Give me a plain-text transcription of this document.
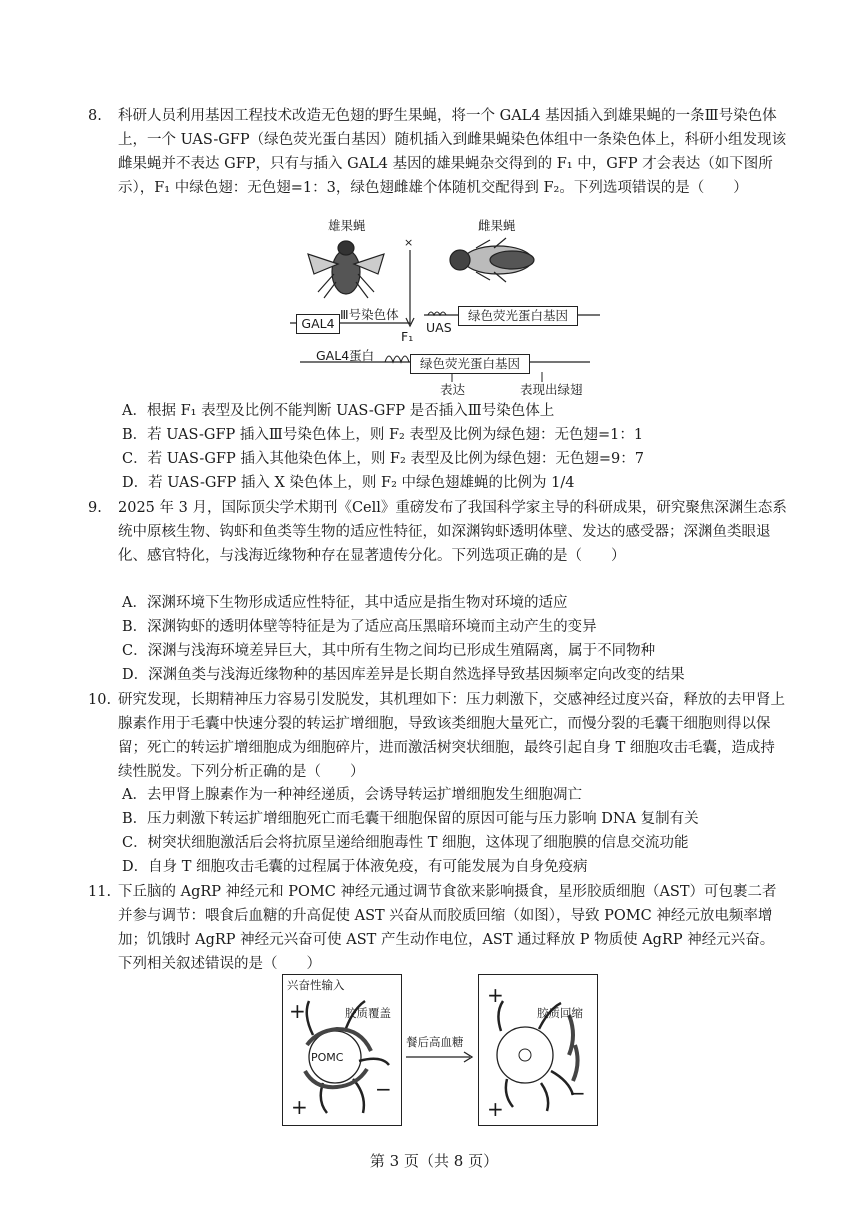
8.	科研人员利用基因工程技术改造无色翅的野生果蝇，将一个 GAL4 基因插入到雄果蝇的一条Ⅲ号染色体上，一个 UAS-GFP（绿色荧光蛋白基因）随机插入到雌果蝇染色体组中一条染色体上，科研小组发现该雌果蝇并不表达 GFP，只有与插入 GAL4 基因的雄果蝇杂交得到的 F₁ 中，GFP 才会表达（如下图所示），F₁ 中绿色翅：无色翅=1：3，绿色翅雌雄个体随机交配得到 F₂。下列选项错误的是（　　）
雄果蝇	雌果蝇
×
GAL4
Ⅲ号染色体
F₁
UAS
绿色荧光蛋白基因
GAL4蛋白
绿色荧光蛋白基因
表达	表现出绿翅
A．根据 F₁ 表型及比例不能判断 UAS-GFP 是否插入Ⅲ号染色体上
B．若 UAS-GFP 插入Ⅲ号染色体上，则 F₂ 表型及比例为绿色翅：无色翅=1：1
C．若 UAS-GFP 插入其他染色体上，则 F₂ 表型及比例为绿色翅：无色翅=9：7
D．若 UAS-GFP 插入 X 染色体上，则 F₂ 中绿色翅雄蝇的比例为 1/4
9.	2025 年 3 月，国际顶尖学术期刊《Cell》重磅发布了我国科学家主导的科研成果，研究聚焦深渊生态系统中原核生物、钩虾和鱼类等生物的适应性特征，如深渊钩虾透明体壁、发达的感受器；深渊鱼类眼退化、感官特化，与浅海近缘物种存在显著遗传分化。下列选项正确的是（　　）
A．深渊环境下生物形成适应性特征，其中适应是指生物对环境的适应
B．深渊钩虾的透明体壁等特征是为了适应高压黑暗环境而主动产生的变异
C．深渊与浅海环境差异巨大，其中所有生物之间均已形成生殖隔离，属于不同物种
D．深渊鱼类与浅海近缘物种的基因库差异是长期自然选择导致基因频率定向改变的结果
10. 研究发现，长期精神压力容易引发脱发，其机理如下：压力刺激下，交感神经过度兴奋，释放的去甲肾上腺素作用于毛囊中快速分裂的转运扩增细胞，导致该类细胞大量死亡，而慢分裂的毛囊干细胞则得以保留；死亡的转运扩增细胞成为细胞碎片，进而激活树突状细胞，最终引起自身 T 细胞攻击毛囊，造成持续性脱发。下列分析正确的是（　　）
A．去甲肾上腺素作为一种神经递质，会诱导转运扩增细胞发生细胞凋亡
B．压力刺激下转运扩增细胞死亡而毛囊干细胞保留的原因可能与压力影响 DNA 复制有关
C．树突状细胞激活后会将抗原呈递给细胞毒性 T 细胞，这体现了细胞膜的信息交流功能
D．自身 T 细胞攻击毛囊的过程属于体液免疫，有可能发展为自身免疫病
11. 下丘脑的 AgRP 神经元和 POMC 神经元通过调节食欲来影响摄食，星形胶质细胞（AST）可包裹二者并参与调节：喂食后血糖的升高促使 AST 兴奋从而胶质回缩（如图），导致 POMC 神经元放电频率增加；饥饿时 AgRP 神经元兴奋可使 AST 产生动作电位，AST 通过释放 P 物质使 AgRP 神经元兴奋。下列相关叙述错误的是（　　）
兴奋性输入
胶质覆盖
POMC
+
+
−
餐后高血糖
+
胶质回缩
+
−
第 3 页（共 8 页）
